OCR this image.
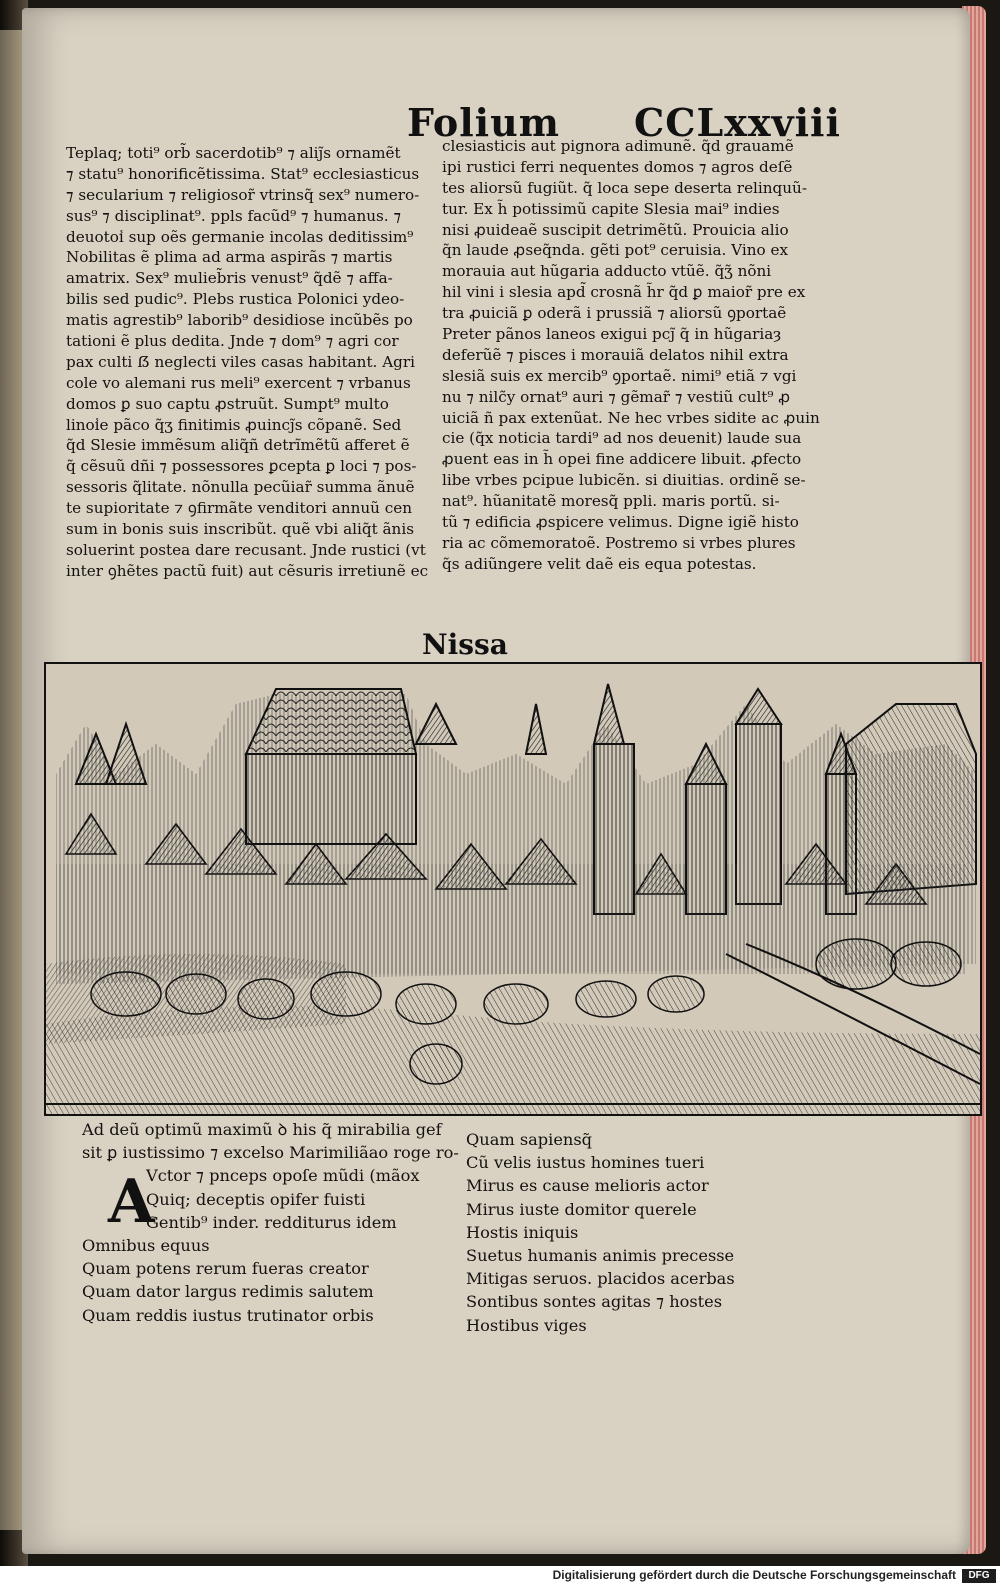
Folium CCLxxviii
Teplaq; toti⁹ orb̃ sacerdotib⁹ ⁊ aliȷ̃s ornamẽt
⁊ statu⁹ honorificẽtissima. Stat⁹ ecclesiasticus
⁊ secularium ⁊ religiosor̃ vtrinsq̃ sex⁹ numero-
sus⁹ ⁊ disciplinat⁹. ppls facũd⁹ ⁊ humanus. ⁊
deuotoi̾ sup oẽs germanie incolas deditissim⁹
Nobilitas ẽ plima ad arma aspirãs ⁊ martis
amatrix. Sex⁹ mulieb̃ris venust⁹ q̃dẽ ⁊ affa-
bilis sed pudic⁹. Plebs rustica Polonici ydeo-
matis agrestib⁹ laborib⁹ desidiose incũbẽs po
tationi ẽ plus dedita. Jnde ⁊ dom⁹ ⁊ agri cor
pax culti ẞ neglecti viles casas habitant. Agri
cole vo alemani rus meli⁹ exercent ⁊ vrbanus
domos ꝑ suo captu ꝓstruũt. Sumpt⁹ multo
linoi̾e pãco q̃ʒ finitimis ꝓuincȷ̃s cõpanẽ. Sed
q̃d Slesie immẽsum aliq̃ñ detrĩmẽtũ afferet ẽ
q̃ cẽsuũ dñi ⁊ possessores ꝑcepta ꝑ loci ⁊ pos-
sessoris q̃litate. nõnulla pecũiar̃ summa ãnuẽ
te supioritate ⁊ ꝯfirmãte venditori annuũ cen
sum in bonis suis inscribũt. quẽ vbi aliq̃t ãnis
soluerint postea dare recusant. Jnde rustici (vt
inter ꝯhẽtes pactũ fuit) aut cẽsuris irretiunẽ ec
clesiasticis aut pignora adimunẽ. q̃d grauamẽ
ipi rustici ferri nequentes domos ⁊ agros deſẽ
tes aliorsũ fugiũt. q̃ loca sepe deserta relinquũ-
tur. Ex h̃ potissimũ capite Slesia mai⁹ indies
nisi ꝓuideaẽ suscipit detrimẽtũ. Prouicia alio
q̃n laude ꝓseq̃nda. gẽti pot⁹ ceruisia. Vino ex
morauia aut hũgaria adducto vtũẽ. q̃ʒ̃ nõni
hil vini i slesia apd̃ crosnã h̃r q̃d ꝑ maior̃ pre ex
tra ꝓuiciã ꝑ oderã i prussiã ⁊ aliorsũ ꝯportaẽ
Preter pãnos laneos exigui pcȷ̃ q̃ in hũgariaȝ
deferũẽ ⁊ pisces i morauiã delatos nihil extra
slesiã suis ex mercib⁹ ꝯportaẽ. nimi⁹ etiã ⁊ vgi
nu ⁊ nilc̃y ornat⁹ auri ⁊ gẽmar̃ ⁊ vestiũ cult⁹ ꝓ
uiciã ñ pax extenũat. Ne hec vrbes sidite ac ꝓuin
cie (q̃x noticia tardi⁹ ad nos deuenit) laude sua
ꝓuent eas in h̃ opei fine addicere libuit. ꝓfecto
libe vrbes pcipue lubicẽn. si diuitias. ordinẽ se-
nat⁹. hũanitatẽ moresq̃ ppli. maris portũ. si-
tũ ⁊ edificia ꝓspicere velimus. Digne igiẽ histo
ria ac cõmemoratoẽ. Postremo si vrbes plures
q̃s adiũngere velit daẽ eis equa potestas.
Nissa
A
Ad deũ optimũ maximũ ꝺ his q̃ mirabilia gef
sit ꝑ iustissimo ⁊ excelso Marimiliãao roge ro-
Vctor ⁊ pnceps opoſe mũdi (mãox
Quiq; deceptis opifer fuisti
Gentib⁹ inder. redditurus idem
Omnibus equus
Quam potens rerum fueras creator
Quam dator largus redimis salutem
Quam reddis iustus trutinator orbis
Quam sapiensq̃
Cũ velis iustus homines tueri
Mirus es cause melioris actor
Mirus iuste domitor querele
Hostis iniquis
Suetus humanis animis precesse
Mitigas seruos. placidos acerbas
Sontibus sontes agitas ⁊ hostes
Hostibus viges
Digitalisierung gefördert durch die Deutsche Forschungsgemeinschaft	DFG
